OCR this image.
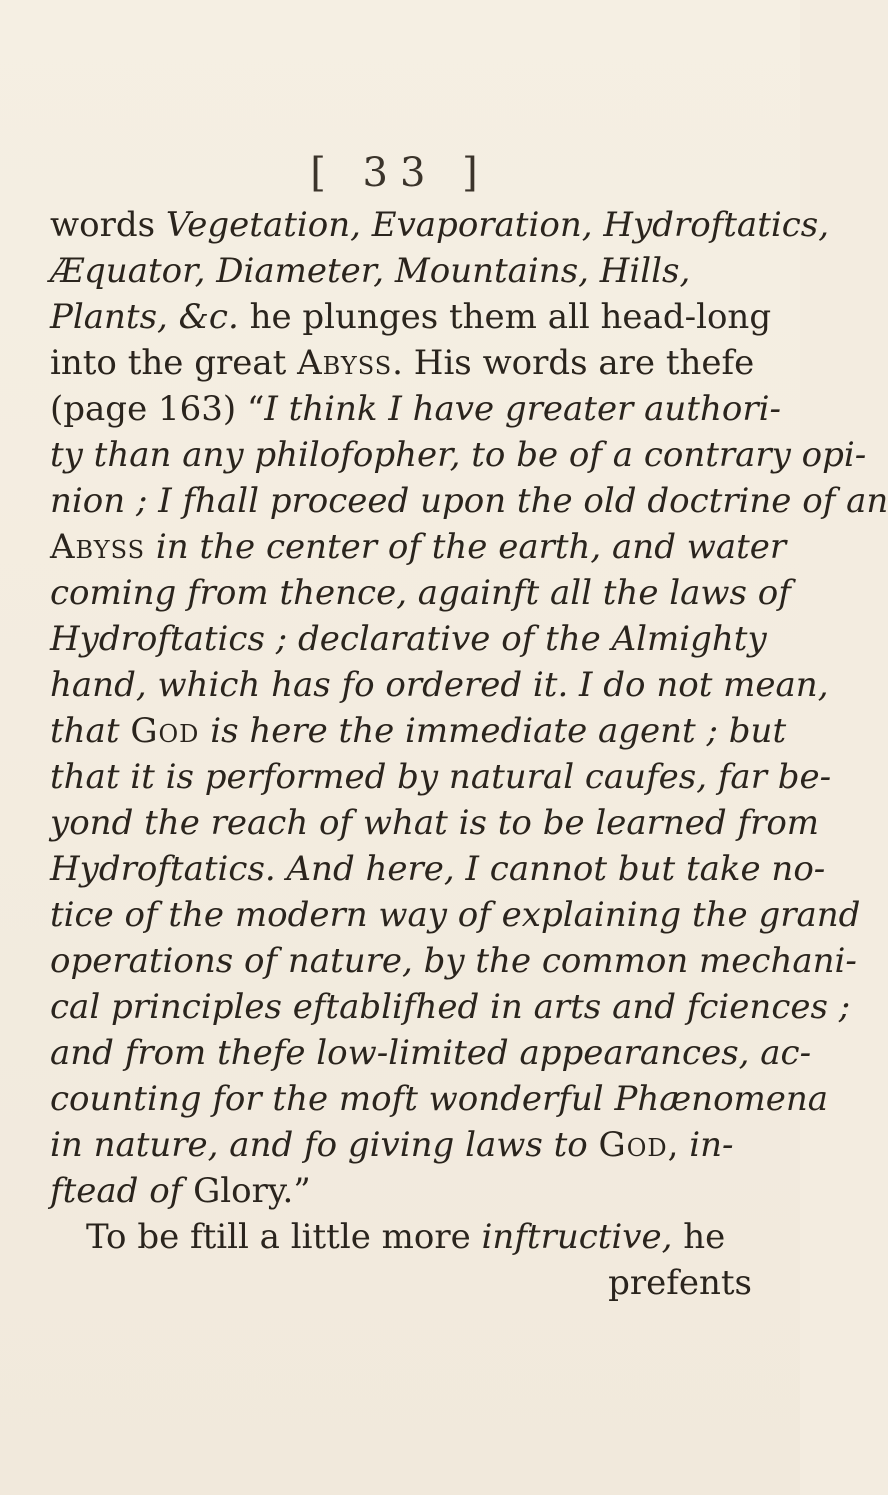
[ 33 ]
words Vegetation, Evaporation, Hydroftatics,
Æquator, Diameter, Mountains, Hills,
Plants, &c. he plunges them all head-long
into the great Abyss. His words are thefe
(page 163) “I think I have greater authori-
ty than any philofopher, to be of a contrary opi-
nion ; I fhall proceed upon the old doctrine of an
Abyss in the center of the earth, and water
coming from thence, againft all the laws of
Hydroftatics ; declarative of the Almighty
hand, which has fo ordered it. I do not mean,
that God is here the immediate agent ; but
that it is performed by natural caufes, far be-
yond the reach of what is to be learned from
Hydroftatics. And here, I cannot but take no-
tice of the modern way of explaining the grand
operations of nature, by the common mechani-
cal principles eftablifhed in arts and fciences ;
and from thefe low-limited appearances, ac-
counting for the moft wonderful Phænomena
in nature, and fo giving laws to God, in-
ftead of Glory.”
To be ftill a little more inftructive, he
prefents
